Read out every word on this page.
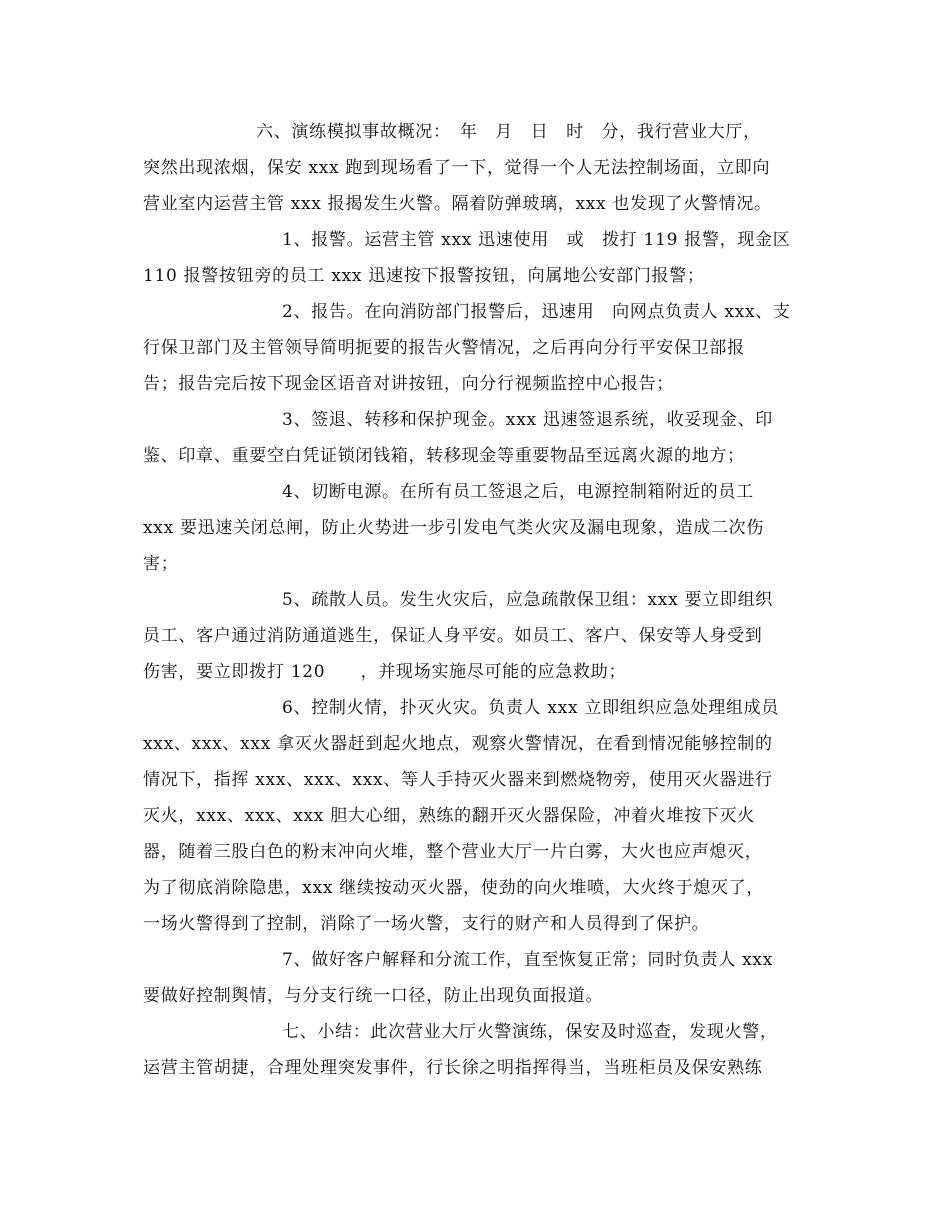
六、演练模拟事故概况：　年　月　日　时　分，我行营业大厅，
突然出现浓烟，保安 xxx 跑到现场看了一下，觉得一个人无法控制场面，立即向
营业室内运营主管 xxx 报揭发生火警。隔着防弹玻璃，xxx 也发现了火警情况。
1、报警。运营主管 xxx 迅速使用　或　拨打 119 报警，现金区
110 报警按钮旁的员工 xxx 迅速按下报警按钮，向属地公安部门报警；
2、报告。在向消防部门报警后，迅速用　向网点负责人 xxx、支
行保卫部门及主管领导简明扼要的报告火警情况，之后再向分行平安保卫部报
告；报告完后按下现金区语音对讲按钮，向分行视频监控中心报告；
3、签退、转移和保护现金。xxx 迅速签退系统，收妥现金、印
鉴、印章、重要空白凭证锁闭钱箱，转移现金等重要物品至远离火源的地方；
4、切断电源。在所有员工签退之后，电源控制箱附近的员工
xxx 要迅速关闭总闸，防止火势进一步引发电气类火灾及漏电现象，造成二次伤
害；
5、疏散人员。发生火灾后，应急疏散保卫组：xxx 要立即组织
员工、客户通过消防通道逃生，保证人身平安。如员工、客户、保安等人身受到
伤害，要立即拨打 120　　，并现场实施尽可能的应急救助；
6、控制火情，扑灭火灾。负责人 xxx 立即组织应急处理组成员
xxx、xxx、xxx 拿灭火器赶到起火地点，观察火警情况，在看到情况能够控制的
情况下，指挥 xxx、xxx、xxx、等人手持灭火器来到燃烧物旁，使用灭火器进行
灭火，xxx、xxx、xxx 胆大心细，熟练的翻开灭火器保险，冲着火堆按下灭火
器，随着三股白色的粉末冲向火堆，整个营业大厅一片白雾，大火也应声熄灭，
为了彻底消除隐患，xxx 继续按动灭火器，使劲的向火堆喷，大火终于熄灭了，
一场火警得到了控制，消除了一场火警，支行的财产和人员得到了保护。
7、做好客户解释和分流工作，直至恢复正常；同时负责人 xxx
要做好控制舆情，与分支行统一口径，防止出现负面报道。
七、小结：此次营业大厅火警演练，保安及时巡查，发现火警，
运营主管胡捷，合理处理突发事件，行长徐之明指挥得当，当班柜员及保安熟练
